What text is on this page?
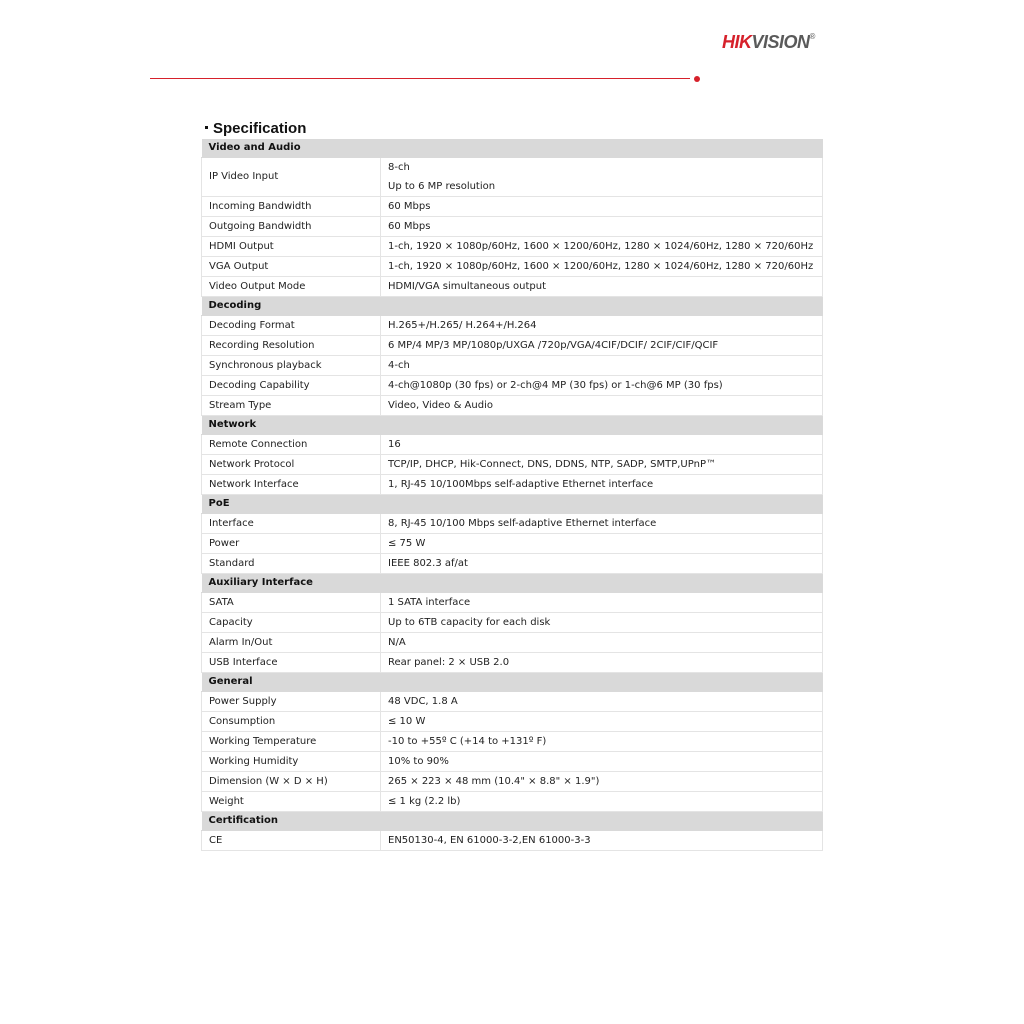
HIKVISION®
Specification
Video and Audio	
IP Video Input	8-ch
Up to 6 MP resolution

Incoming Bandwidth	60 Mbps

Outgoing Bandwidth	60 Mbps

HDMI Output	1-ch, 1920 × 1080p/60Hz, 1600 × 1200/60Hz, 1280 × 1024/60Hz, 1280 × 720/60Hz

VGA Output	1-ch, 1920 × 1080p/60Hz, 1600 × 1200/60Hz, 1280 × 1024/60Hz, 1280 × 720/60Hz

Video Output Mode	HDMI/VGA simultaneous output

Decoding	
Decoding Format	H.265+/H.265/ H.264+/H.264

Recording Resolution	6 MP/4 MP/3 MP/1080p/UXGA /720p/VGA/4CIF/DCIF/ 2CIF/CIF/QCIF

Synchronous playback	4-ch

Decoding Capability	4-ch@1080p (30 fps) or 2-ch@4 MP (30 fps) or 1-ch@6 MP (30 fps)

Stream Type	Video, Video & Audio

Network	
Remote Connection	16

Network Protocol	TCP/IP, DHCP, Hik-Connect, DNS, DDNS, NTP, SADP, SMTP,UPnP™

Network Interface	1, RJ-45 10/100Mbps self-adaptive Ethernet interface

PoE	
Interface	8, RJ-45 10/100 Mbps self-adaptive Ethernet interface

Power	≤ 75 W

Standard	IEEE 802.3 af/at

Auxiliary Interface	
SATA	1 SATA interface

Capacity	Up to 6TB capacity for each disk

Alarm In/Out	N/A

USB Interface	Rear panel: 2 × USB 2.0

General	
Power Supply	48 VDC, 1.8 A

Consumption	≤ 10 W

Working Temperature	-10 to +55º C (+14 to +131º F)

Working Humidity	10% to 90%

Dimension (W × D × H)	265 × 223 × 48 mm (10.4" × 8.8" × 1.9")

Weight	≤ 1 kg (2.2 lb)

Certification	
CE	EN50130-4, EN 61000-3-2,EN 61000-3-3
